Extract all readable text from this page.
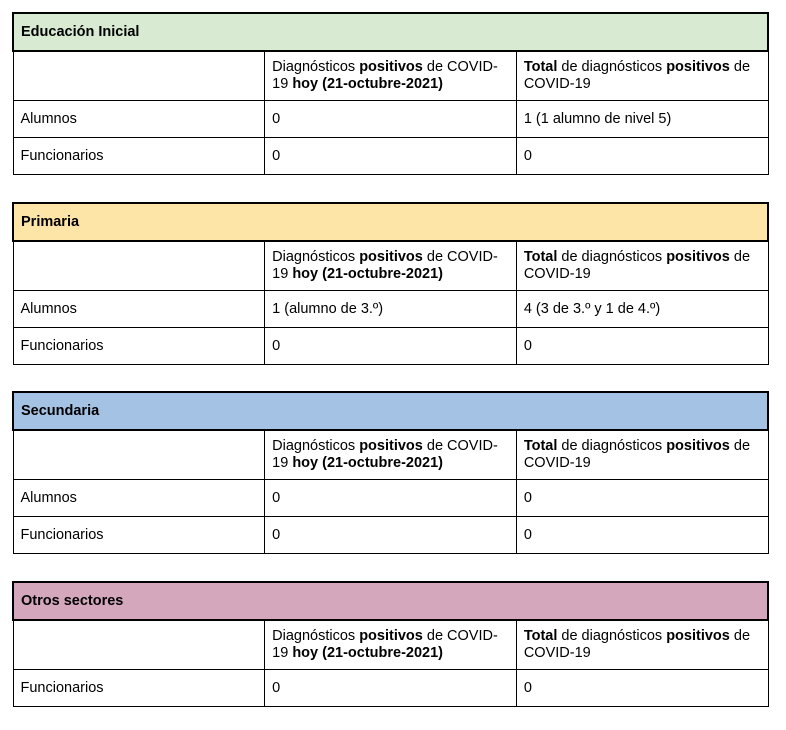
Educación Inicial		
	Diagnósticos positivos de COVID-19 hoy (21-octubre-2021)	Total de diagnósticos positivos de COVID-19
Alumnos	0	1 (1 alumno de nivel 5)
Funcionarios	0	0
Primaria		
	Diagnósticos positivos de COVID-19 hoy (21-octubre-2021)	Total de diagnósticos positivos de COVID-19
Alumnos	1 (alumno de 3.º)	4 (3 de 3.º y 1 de 4.º)
Funcionarios	0	0
Secundaria		
	Diagnósticos positivos de COVID-19 hoy (21-octubre-2021)	Total de diagnósticos positivos de COVID-19
Alumnos	0	0
Funcionarios	0	0
Otros sectores		
	Diagnósticos positivos de COVID-19 hoy (21-octubre-2021)	Total de diagnósticos positivos de COVID-19
Funcionarios	0	0
